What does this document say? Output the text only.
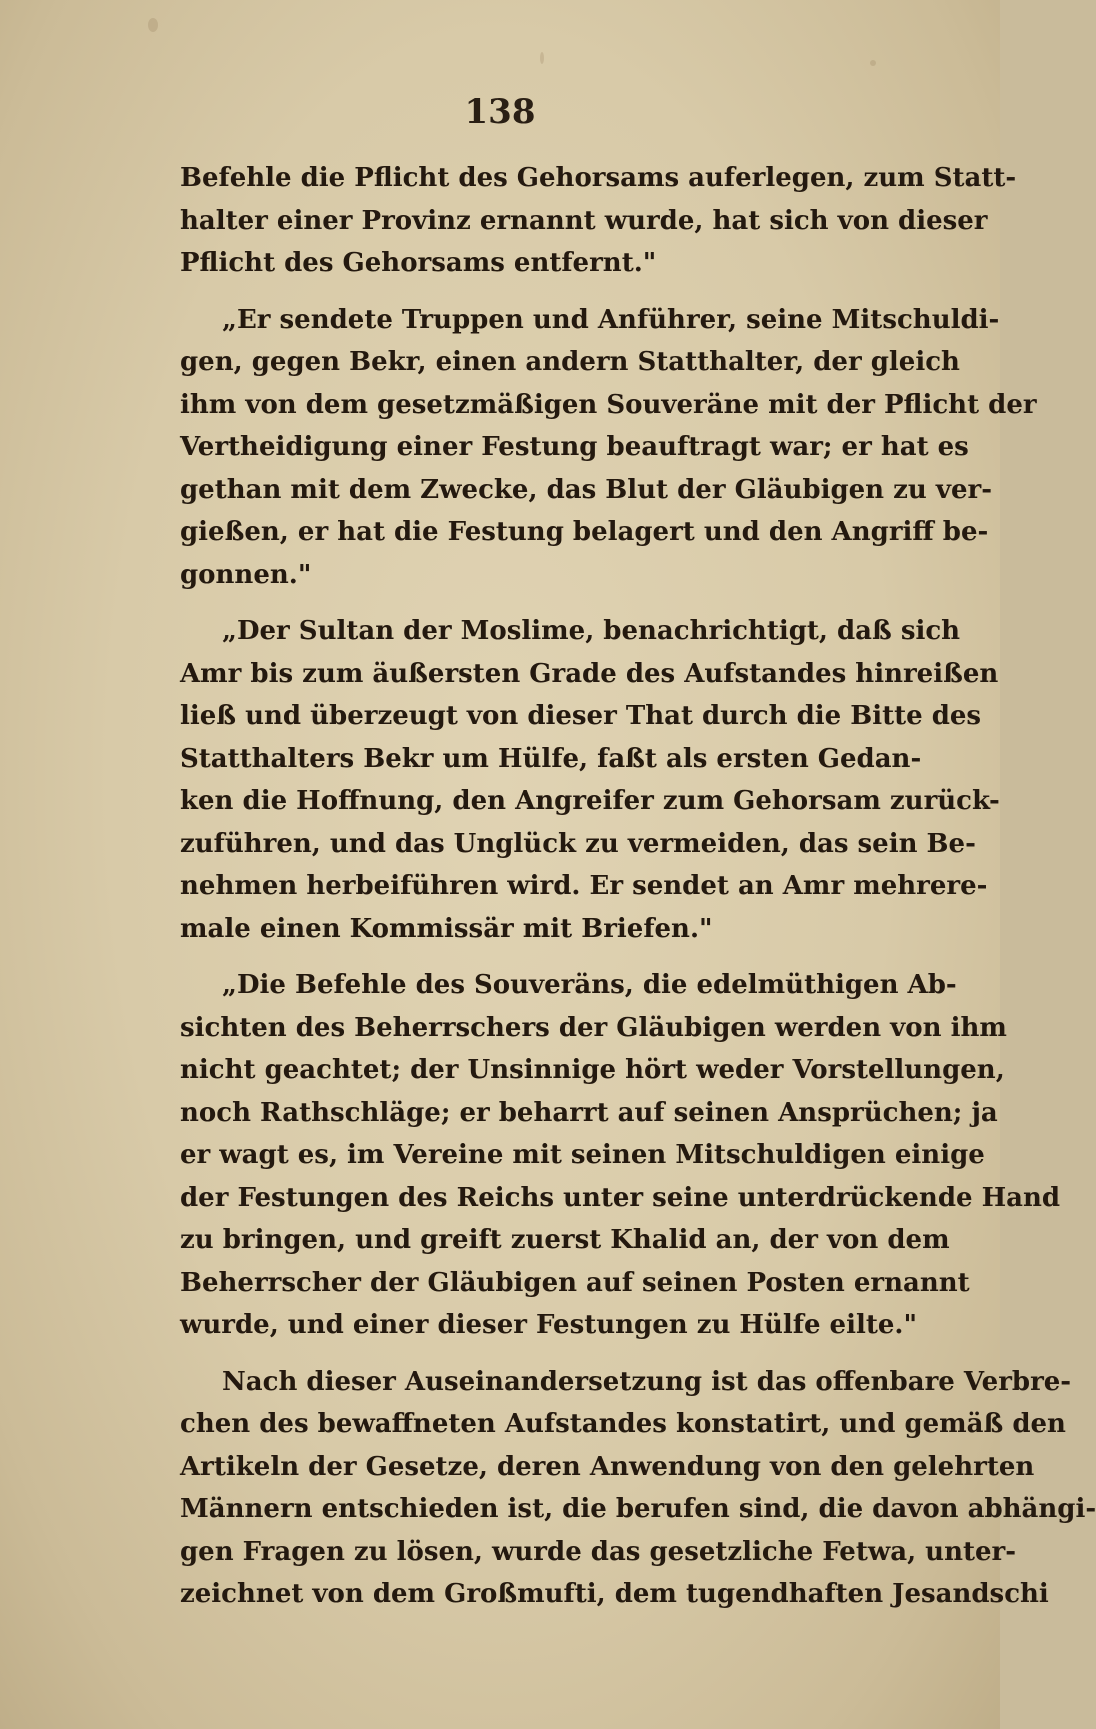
138
Befehle die Pflicht des Gehorsams auferlegen, zum Statt-
halter einer Provinz ernannt wurde, hat sich von dieser
Pflicht des Gehorsams entfernt."
„Er sendete Truppen und Anführer, seine Mitschuldi-
gen, gegen Bekr, einen andern Statthalter, der gleich
ihm von dem gesetzmäßigen Souveräne mit der Pflicht der
Vertheidigung einer Festung beauftragt war; er hat es
gethan mit dem Zwecke, das Blut der Gläubigen zu ver-
gießen, er hat die Festung belagert und den Angriff be-
gonnen."
„Der Sultan der Moslime, benachrichtigt, daß sich
Amr bis zum äußersten Grade des Aufstandes hinreißen
ließ und überzeugt von dieser That durch die Bitte des
Statthalters Bekr um Hülfe, faßt als ersten Gedan-
ken die Hoffnung, den Angreifer zum Gehorsam zurück-
zuführen, und das Unglück zu vermeiden, das sein Be-
nehmen herbeiführen wird. Er sendet an Amr mehrere-
male einen Kommissär mit Briefen."
„Die Befehle des Souveräns, die edelmüthigen Ab-
sichten des Beherrschers der Gläubigen werden von ihm
nicht geachtet; der Unsinnige hört weder Vorstellungen,
noch Rathschläge; er beharrt auf seinen Ansprüchen; ja
er wagt es, im Vereine mit seinen Mitschuldigen einige
der Festungen des Reichs unter seine unterdrückende Hand
zu bringen, und greift zuerst Khalid an, der von dem
Beherrscher der Gläubigen auf seinen Posten ernannt
wurde, und einer dieser Festungen zu Hülfe eilte."
Nach dieser Auseinandersetzung ist das offenbare Verbre-
chen des bewaffneten Aufstandes konstatirt, und gemäß den
Artikeln der Gesetze, deren Anwendung von den gelehrten
Männern entschieden ist, die berufen sind, die davon abhängi-
gen Fragen zu lösen, wurde das gesetzliche Fetwa, unter-
zeichnet von dem Großmufti, dem tugendhaften Jesandschi
